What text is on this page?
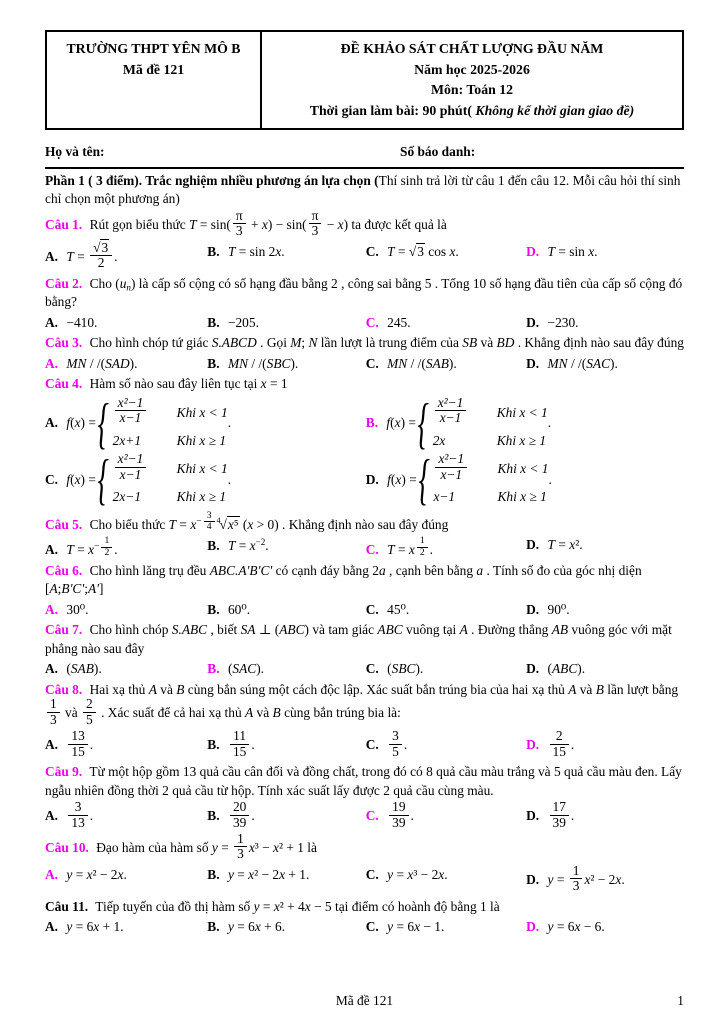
TRƯỜNG THPT YÊN MÔ B
Mã đề 121
ĐỀ KHẢO SÁT CHẤT LƯỢNG ĐẦU NĂM
Năm học 2025-2026
Môn: Toán 12
Thời gian làm bài: 90 phút( Không kể thời gian giao đề)
Họ và tên:	Số báo danh:

Phần 1 ( 3 điểm). Trắc nghiệm nhiều phương án lựa chọn (Thí sinh trả lời từ câu 1 đến câu 12. Mỗi câu hỏi thí sinh chỉ chọn một phương án)

Câu 1. Rút gọn biểu thức $T = \sin( \frac{\pi}{3} + x) - \sin( \frac{\pi}{3} - x)$ ta được kết quả là

A. $T = \frac{√3}{2}$ .	B. T = sin 2x.	C. T = √3 cos x.	D. T = sin x.

Câu 2. Cho $(u_n)$ là cấp số cộng có số hạng đầu bằng 2 , công sai bằng 5 . Tổng 10 số hạng đầu tiên của cấp số cộng đó bằng?

A. −410.	B. −205.	C. 245.	D. −230.

Câu 3. Cho hình chóp tứ giác S.ABCD . Gọi M; N lần lượt là trung điểm của SB và BD . Khẳng định nào sau đây đúng

A. MN / /(SAD).	B. MN / /(SBC).	C. MN / /(SAB).	D. MN / /(SAC).

Câu 4. Hàm số nào sau đây liên tục tại x = 1

A. f(x) =
{ $\frac{\text{x²−1}}{x-1}$ Khi x < 1
2x+1	Khi x ≥ 1
.	B. f(x) =
{ $\frac{\text{x²−1}}{x-1}$ Khi x < 1
2x	Khi x ≥ 1
.
C. f(x) =
{ $\frac{\text{x²−1}}{x-1}$ Khi x < 1
2x−1	Khi x ≥ 1
.	D. f(x) =
{ $\frac{\text{x²−1}}{x-1}$ Khi x < 1
x−1	Khi x ≥ 1
.

Câu 5. Cho biểu thức $T = x^{- \frac{3}{4}}$ $^4$√x⁵ (x > 0) . Khẳng định nào sau đây đúng

A. $T = x^{- \frac{1}{2}}$ .	B. $T = x^{-2}$.	C. T = x $^{\frac{1}{2}}$ .	D. T = x².

Câu 6. Cho hình lăng trụ đều ABC.A'B'C' có cạnh đáy bằng 2a , cạnh bên bằng a . Tính số đo của góc nhị diện [A;B'C';A']

A. 30⁰.	B. 60⁰.	C. 45⁰.	D. 90⁰.

Câu 7. Cho hình chóp S.ABC , biết SA ⊥ (ABC) và tam giác ABC vuông tại A . Đường thẳng AB vuông góc với mặt phẳng nào sau đây

A. (SAB).	B. (SAC).	C. (SBC).	D. (ABC).

Câu 8. Hai xạ thủ A và B cùng bắn súng một cách độc lập. Xác suất bắn trúng bia của hai xạ thủ A và B lần lượt bằng
$\frac{1}{3}$ và $\frac{2}{5}$ . Xác suất để cả hai xạ thủ A và B cùng bắn trúng bia là:

A. $\frac{13}{15}$ .	B. $\frac{11}{15}$ .	C. $\frac{3}{5}$ .	D. $\frac{2}{15}$ .

Câu 9. Từ một hộp gồm 13 quả cầu cân đối và đồng chất, trong đó có 8 quả cầu màu trắng và 5 quả cầu màu đen. Lấy ngẫu nhiên đồng thời 2 quả cầu từ hộp. Tính xác suất lấy được 2 quả cầu cùng màu.

A. $\frac{3}{13}$ .	B. $\frac{20}{39}$ .	C. $\frac{19}{39}$ .	D. $\frac{17}{39}$ .

Câu 10. Đạo hàm của hàm số $y = \frac{1}{3} x^3 - x^2 + 1$ là

A. y = x² − 2x.	B. y = x² − 2x + 1.	C. y = x³ − 2x.	D. $y = \frac{1}{3} x^2 - 2x$.

Câu 11. Tiếp tuyến của đồ thị hàm số y = x² + 4x − 5 tại điểm có hoành độ bằng 1 là

A. y = 6x + 1.	B. y = 6x + 6.	C. y = 6x − 1.	D. y = 6x − 6.
Mã đề 121	1
